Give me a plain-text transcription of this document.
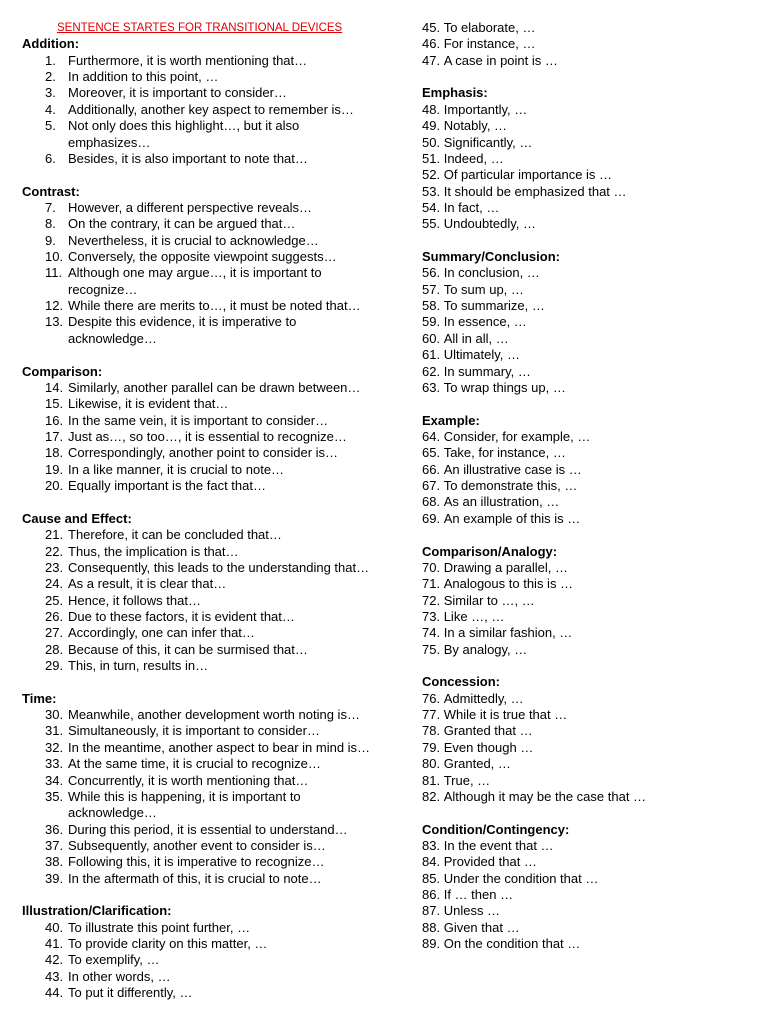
SENTENCE STARTES FOR TRANSITIONAL DEVICES
Addition:
1. Furthermore, it is worth mentioning that…
2. In addition to this point, …
3. Moreover, it is important to consider…
4. Additionally, another key aspect to remember is…
5. Not only does this highlight…, but it also
emphasizes…
6. Besides, it is also important to note that…
Contrast:
7. However, a different perspective reveals…
8. On the contrary, it can be argued that…
9. Nevertheless, it is crucial to acknowledge…
10. Conversely, the opposite viewpoint suggests…
11. Although one may argue…, it is important to
recognize…
12. While there are merits to…, it must be noted that…
13. Despite this evidence, it is imperative to
acknowledge…
Comparison:
14. Similarly, another parallel can be drawn between…
15. Likewise, it is evident that…
16. In the same vein, it is important to consider…
17. Just as…, so too…, it is essential to recognize…
18. Correspondingly, another point to consider is…
19. In a like manner, it is crucial to note…
20. Equally important is the fact that…
Cause and Effect:
21. Therefore, it can be concluded that…
22. Thus, the implication is that…
23. Consequently, this leads to the understanding that…
24. As a result, it is clear that…
25. Hence, it follows that…
26. Due to these factors, it is evident that…
27. Accordingly, one can infer that…
28. Because of this, it can be surmised that…
29. This, in turn, results in…
Time:
30. Meanwhile, another development worth noting is…
31. Simultaneously, it is important to consider…
32. In the meantime, another aspect to bear in mind is…
33. At the same time, it is crucial to recognize…
34. Concurrently, it is worth mentioning that…
35. While this is happening, it is important to
acknowledge…
36. During this period, it is essential to understand…
37. Subsequently, another event to consider is…
38. Following this, it is imperative to recognize…
39. In the aftermath of this, it is crucial to note…
Illustration/Clarification:
40. To illustrate this point further, …
41. To provide clarity on this matter, …
42. To exemplify, …
43. In other words, …
44. To put it differently, …
45. To elaborate, …
46. For instance, …
47. A case in point is …
Emphasis:
48. Importantly, …
49. Notably, …
50. Significantly, …
51. Indeed, …
52. Of particular importance is …
53. It should be emphasized that …
54. In fact, …
55. Undoubtedly, …
Summary/Conclusion:
56. In conclusion, …
57. To sum up, …
58. To summarize, …
59. In essence, …
60. All in all, …
61. Ultimately, …
62. In summary, …
63. To wrap things up, …
Example:
64. Consider, for example, …
65. Take, for instance, …
66. An illustrative case is …
67. To demonstrate this, …
68. As an illustration, …
69. An example of this is …
Comparison/Analogy:
70. Drawing a parallel, …
71. Analogous to this is …
72. Similar to …, …
73. Like …, …
74. In a similar fashion, …
75. By analogy, …
Concession:
76. Admittedly, …
77. While it is true that …
78. Granted that …
79. Even though …
80. Granted, …
81. True, …
82. Although it may be the case that …
Condition/Contingency:
83. In the event that …
84. Provided that …
85. Under the condition that …
86. If … then …
87. Unless …
88. Given that …
89. On the condition that …
